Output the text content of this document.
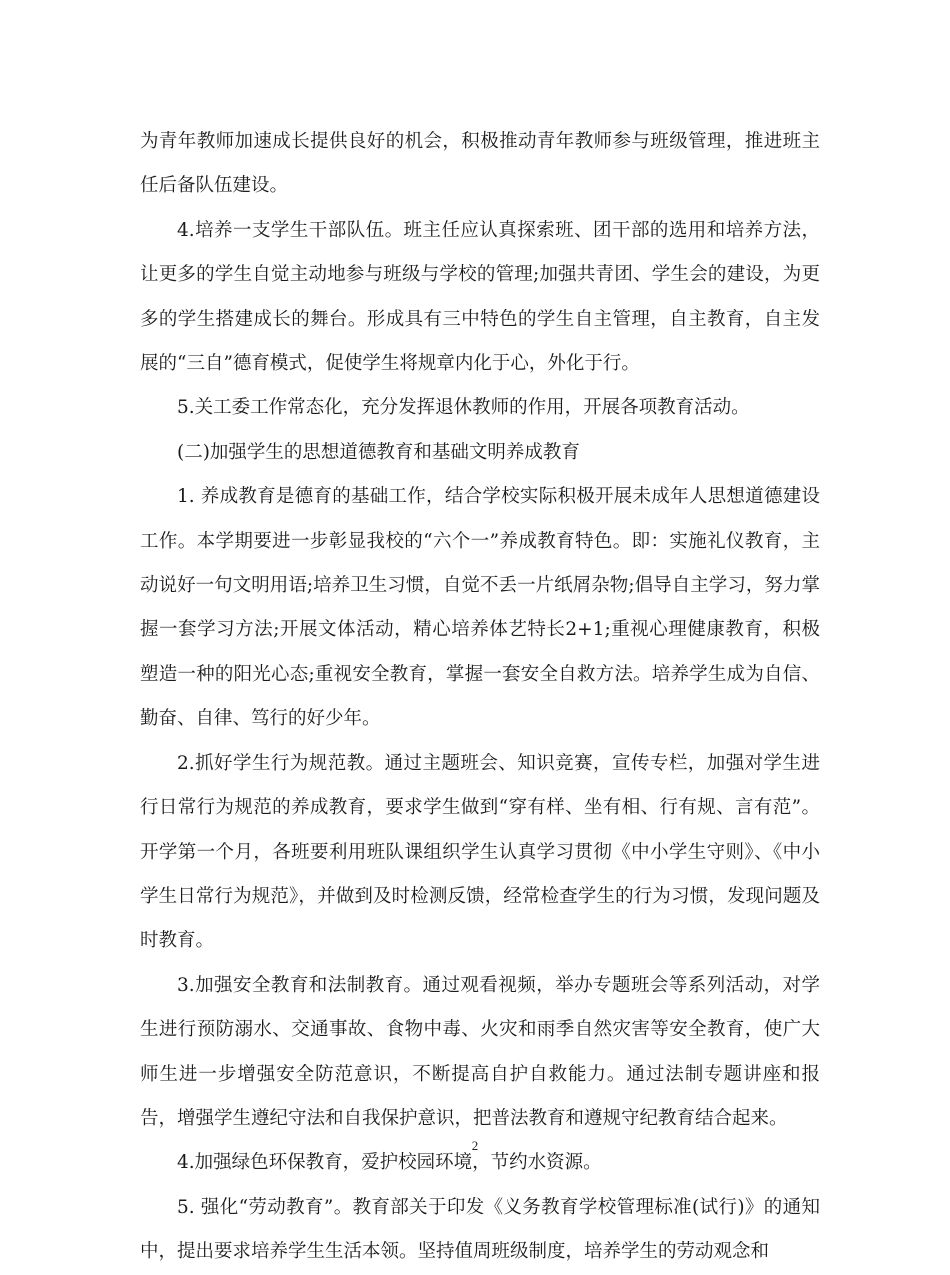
为青年教师加速成长提供良好的机会，积极推动青年教师参与班级管理，推进班主任后备队伍建设。

4.培养一支学生干部队伍。班主任应认真探索班、团干部的选用和培养方法，让更多的学生自觉主动地参与班级与学校的管理;加强共青团、学生会的建设，为更多的学生搭建成长的舞台。形成具有三中特色的学生自主管理，自主教育，自主发展的“三自”德育模式，促使学生将规章内化于心，外化于行。

5.关工委工作常态化，充分发挥退休教师的作用，开展各项教育活动。

(二)加强学生的思想道德教育和基础文明养成教育

1. 养成教育是德育的基础工作，结合学校实际积极开展未成年人思想道德建设工作。本学期要进一步彰显我校的“六个一”养成教育特色。即：实施礼仪教育，主动说好一句文明用语;培养卫生习惯，自觉不丢一片纸屑杂物;倡导自主学习，努力掌握一套学习方法;开展文体活动，精心培养体艺特长2+1;重视心理健康教育，积极塑造一种的阳光心态;重视安全教育，掌握一套安全自救方法。培养学生成为自信、勤奋、自律、笃行的好少年。

2.抓好学生行为规范教。通过主题班会、知识竞赛，宣传专栏，加强对学生进行日常行为规范的养成教育，要求学生做到“穿有样、坐有相、行有规、言有范”。开学第一个月，各班要利用班队课组织学生认真学习贯彻《中小学生守则》、《中小学生日常行为规范》，并做到及时检测反馈，经常检查学生的行为习惯，发现问题及时教育。

3.加强安全教育和法制教育。通过观看视频，举办专题班会等系列活动，对学生进行预防溺水、交通事故、食物中毒、火灾和雨季自然灾害等安全教育，使广大师生进一步增强安全防范意识，不断提高自护自救能力。通过法制专题讲座和报告，增强学生遵纪守法和自我保护意识，把普法教育和遵规守纪教育结合起来。

4.加强绿色环保教育，爱护校园环境，节约水资源。

5. 强化“劳动教育”。教育部关于印发《义务教育学校管理标准(试行)》的通知中，提出要求培养学生生活本领。坚持值周班级制度，培养学生的劳动观念和

2
